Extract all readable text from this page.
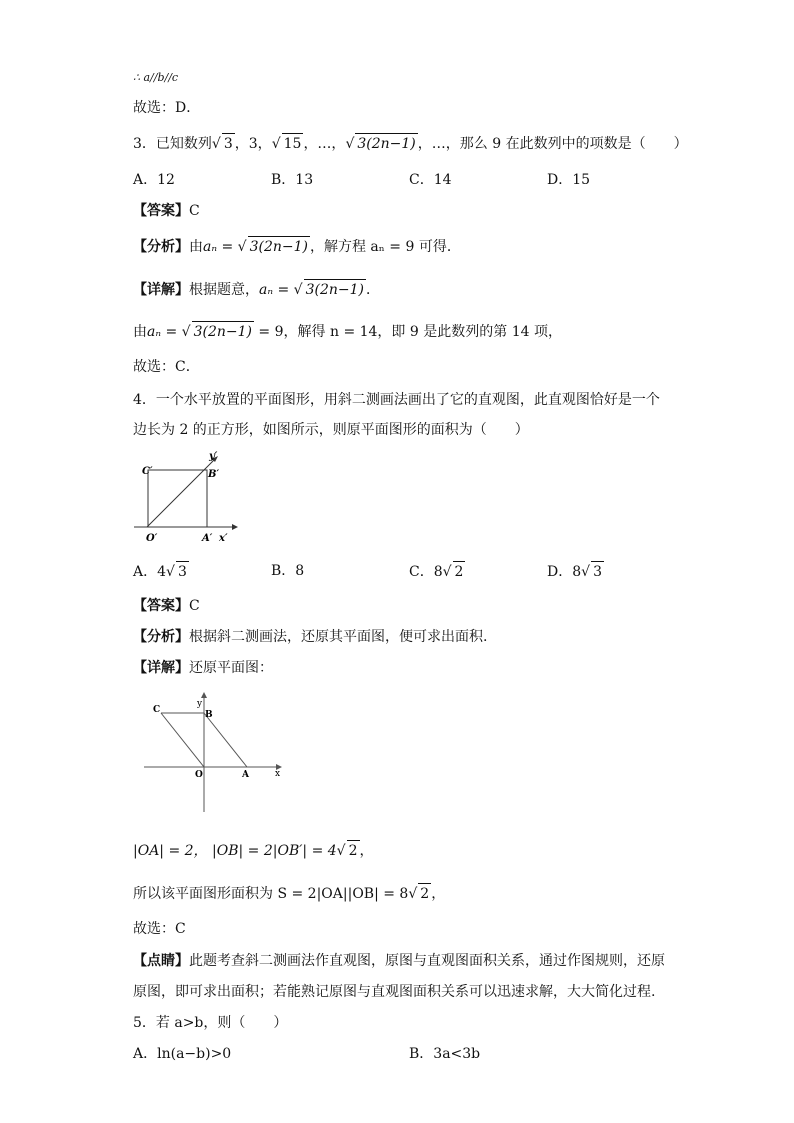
∴ a//b//c
故选：D．
3．已知数列√ 3 ，3，√ 15 ，…，√ 3(2n−1) ，…，那么 9 在此数列中的项数是（　　）
A．12	B．13	C．14	D．15
【答案】C
【分析】由aₙ = √ 3(2n−1) ，解方程 aₙ = 9 可得．
【详解】根据题意，aₙ = √ 3(2n−1) ．
由aₙ = √ 3(2n−1) = 9，解得 n = 14，即 9 是此数列的第 14 项，
故选：C．
4．一个水平放置的平面图形，用斜二测画法画出了它的直观图，此直观图恰好是一个
边长为 2 的正方形，如图所示，则原平面图形的面积为（　　）
C′	B′
O′	A′ x′
y′
A．4√ 3	B．8	C．8√ 2	D．8√ 3
【答案】C
【分析】根据斜二测画法，还原其平面图，便可求出面积.
【详解】还原平面图：
C	B
O	A	x
y
|OA| = 2， |OB| = 2|OB′| = 4√ 2 ，
所以该平面图形面积为 S = 2|OA||OB| = 8√ 2 ，
故选：C
【点睛】此题考查斜二测画法作直观图，原图与直观图面积关系，通过作图规则，还原
原图，即可求出面积；若能熟记原图与直观图面积关系可以迅速求解，大大简化过程.
5．若 a>b，则（　　）
A．ln(a−b)>0	B．3a<3b
